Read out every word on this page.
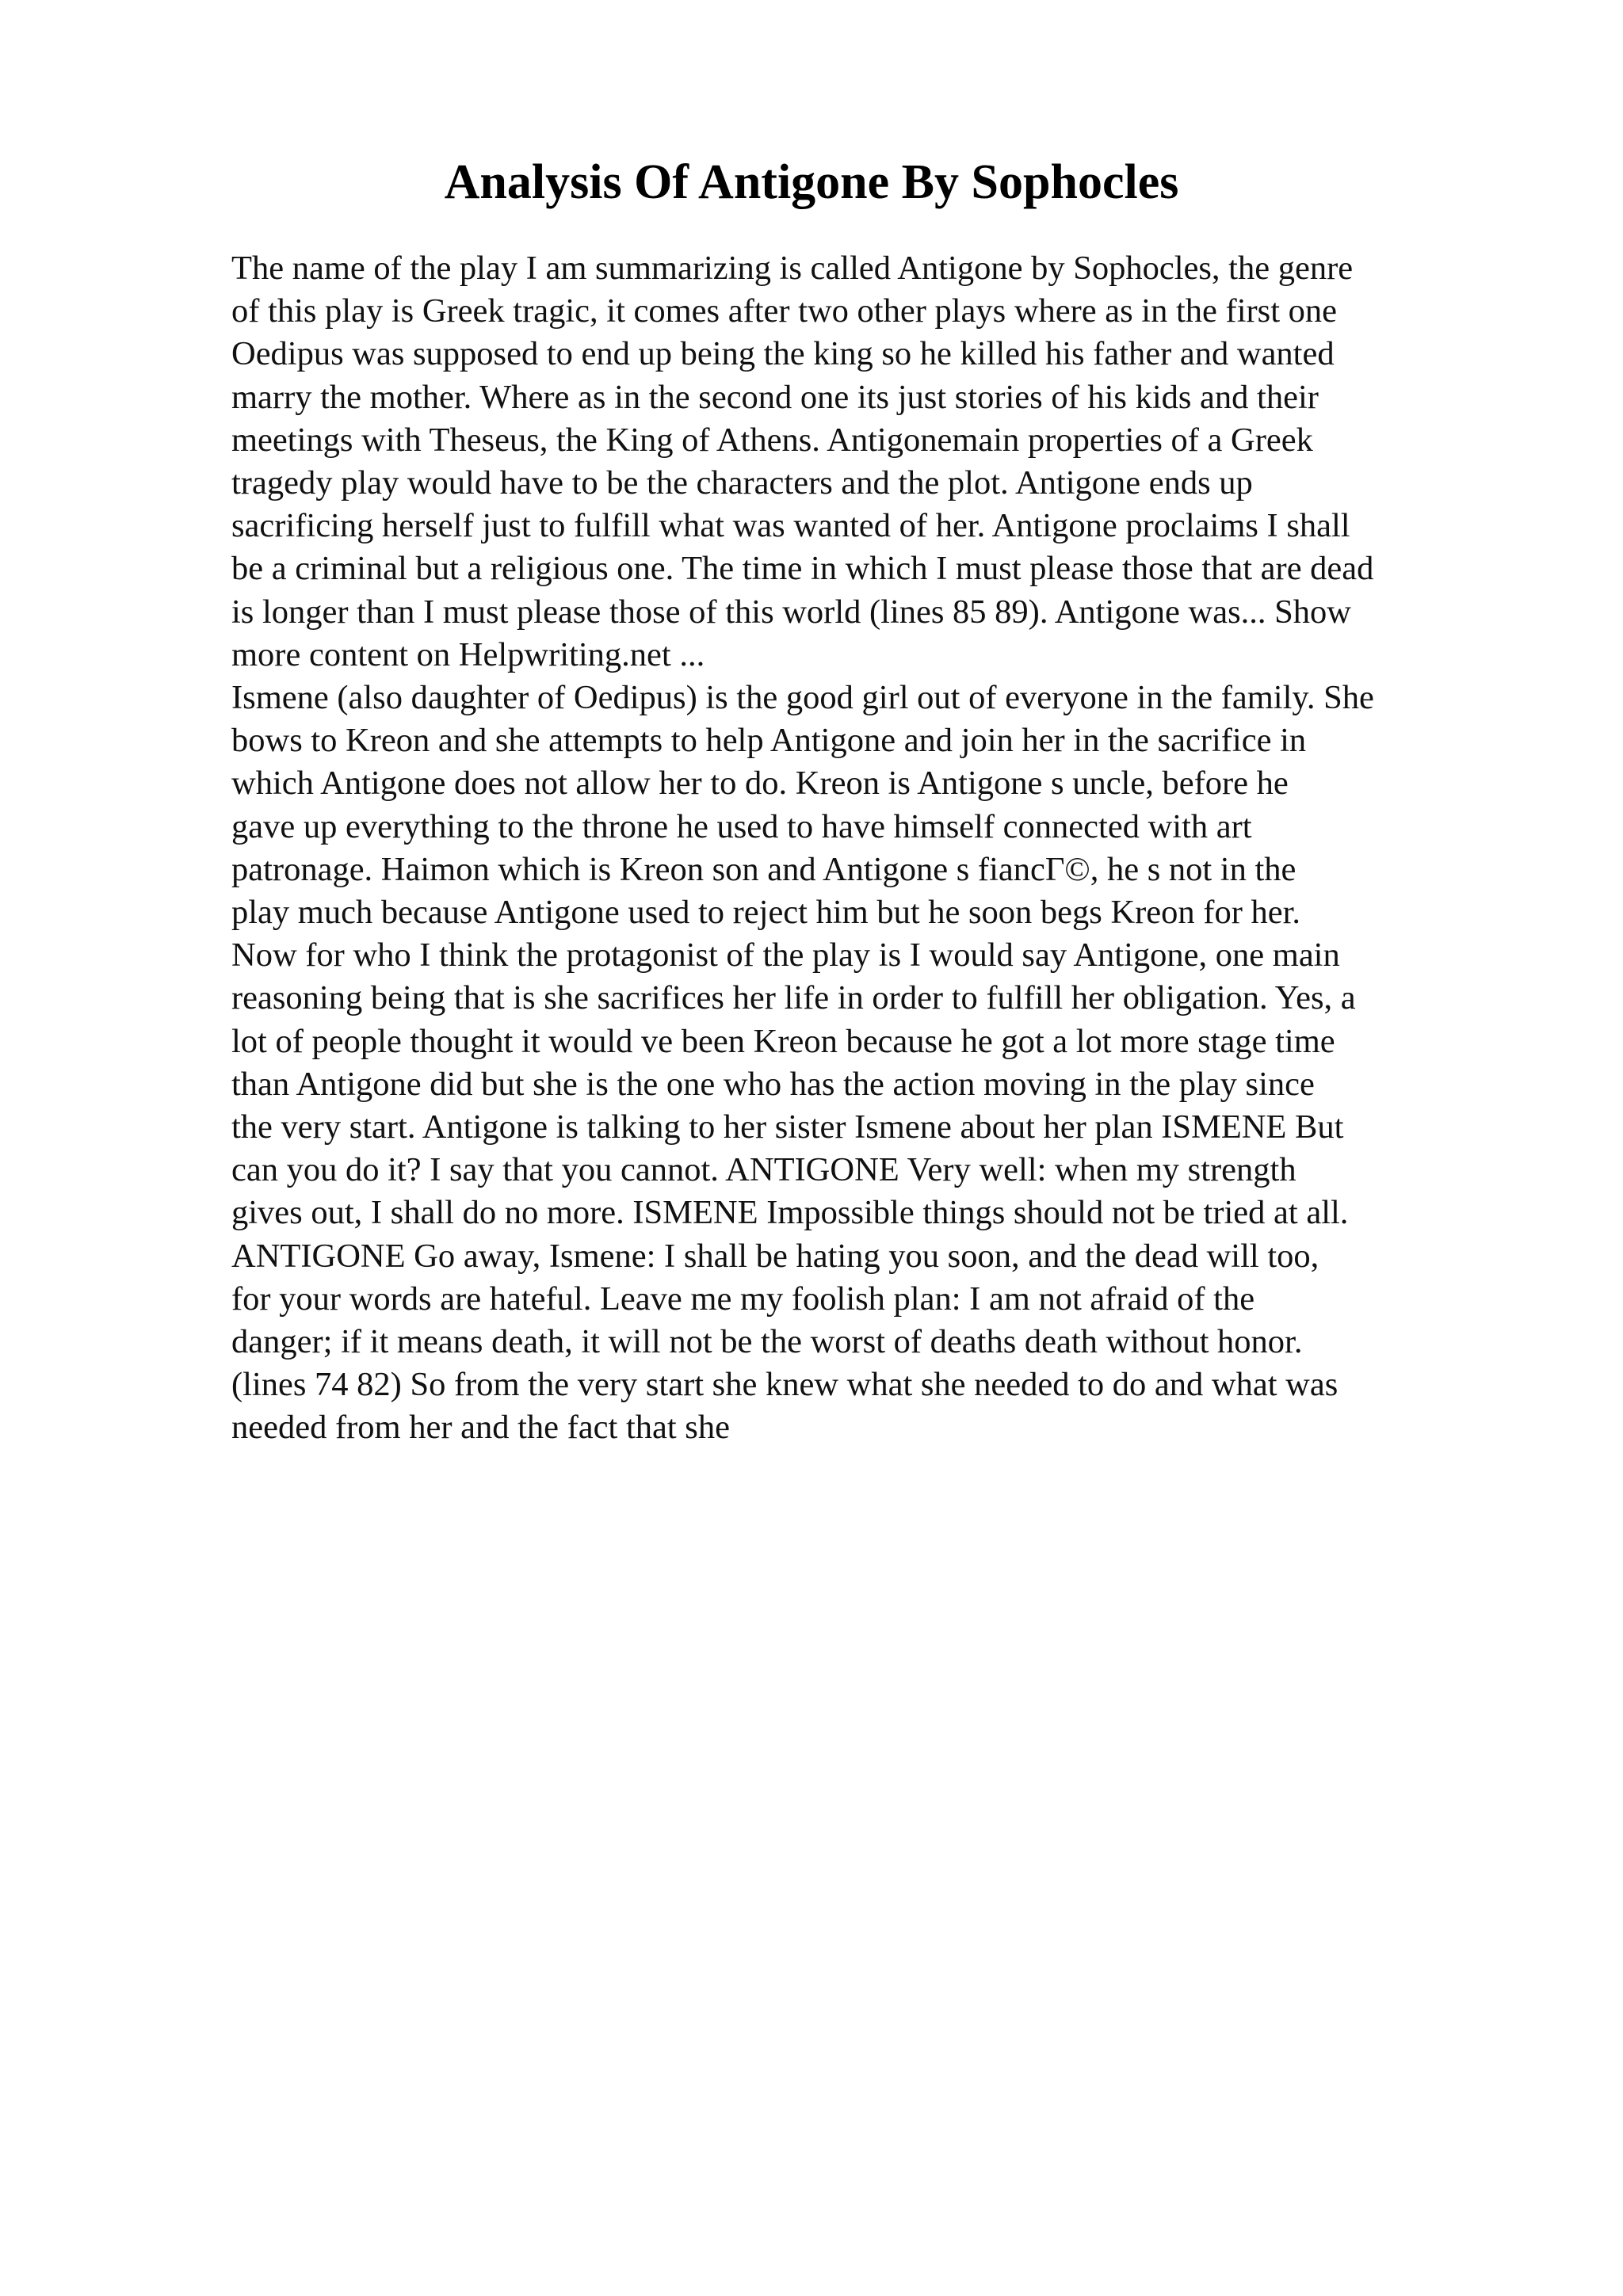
Analysis Of Antigone By Sophocles
The name of the play I am summarizing is called Antigone by Sophocles, the genre
of this play is Greek tragic, it comes after two other plays where as in the first one
Oedipus was supposed to end up being the king so he killed his father and wanted
marry the mother. Where as in the second one its just stories of his kids and their
meetings with Theseus, the King of Athens. Antigonemain properties of a Greek
tragedy play would have to be the characters and the plot. Antigone ends up
sacrificing herself just to fulfill what was wanted of her. Antigone proclaims I shall
be a criminal but a religious one. The time in which I must please those that are dead
is longer than I must please those of this world (lines 85 89). Antigone was... Show
more content on Helpwriting.net ...
Ismene (also daughter of Oedipus) is the good girl out of everyone in the family. She
bows to Kreon and she attempts to help Antigone and join her in the sacrifice in
which Antigone does not allow her to do. Kreon is Antigone s uncle, before he
gave up everything to the throne he used to have himself connected with art
patronage. Haimon which is Kreon son and Antigone s fiancГ©, he s not in the
play much because Antigone used to reject him but he soon begs Kreon for her.
Now for who I think the protagonist of the play is I would say Antigone, one main
reasoning being that is she sacrifices her life in order to fulfill her obligation. Yes, a
lot of people thought it would ve been Kreon because he got a lot more stage time
than Antigone did but she is the one who has the action moving in the play since
the very start. Antigone is talking to her sister Ismene about her plan ISMENE But
can you do it? I say that you cannot. ANTIGONE Very well: when my strength
gives out, I shall do no more. ISMENE Impossible things should not be tried at all.
ANTIGONE Go away, Ismene: I shall be hating you soon, and the dead will too,
for your words are hateful. Leave me my foolish plan: I am not afraid of the
danger; if it means death, it will not be the worst of deaths death without honor.
(lines 74 82) So from the very start she knew what she needed to do and what was
needed from her and the fact that she
